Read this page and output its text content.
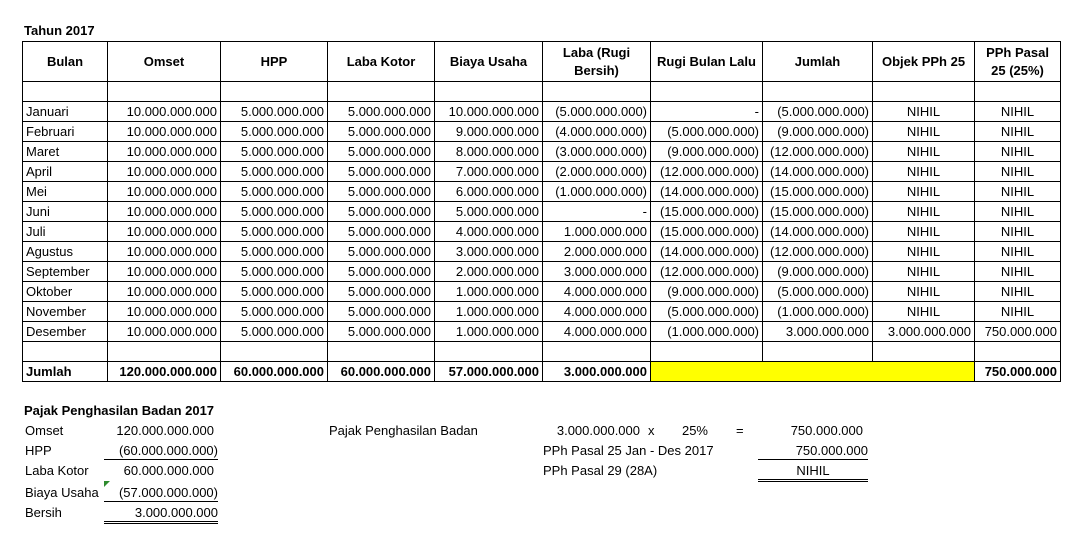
Tahun 2017
Bulan	Omset	HPP	Laba Kotor	Biaya Usaha	Laba (Rugi Bersih)	Rugi Bulan Lalu	Jumlah	Objek PPh 25	PPh Pasal 25 (25%)

Januari	10.000.000.000	5.000.000.000	5.000.000.000	10.000.000.000	(5.000.000.000)	-	(5.000.000.000)	NIHIL	NIHIL
Februari	10.000.000.000	5.000.000.000	5.000.000.000	9.000.000.000	(4.000.000.000)	(5.000.000.000)	(9.000.000.000)	NIHIL	NIHIL
Maret	10.000.000.000	5.000.000.000	5.000.000.000	8.000.000.000	(3.000.000.000)	(9.000.000.000)	(12.000.000.000)	NIHIL	NIHIL
April	10.000.000.000	5.000.000.000	5.000.000.000	7.000.000.000	(2.000.000.000)	(12.000.000.000)	(14.000.000.000)	NIHIL	NIHIL
Mei	10.000.000.000	5.000.000.000	5.000.000.000	6.000.000.000	(1.000.000.000)	(14.000.000.000)	(15.000.000.000)	NIHIL	NIHIL
Juni	10.000.000.000	5.000.000.000	5.000.000.000	5.000.000.000	-	(15.000.000.000)	(15.000.000.000)	NIHIL	NIHIL
Juli	10.000.000.000	5.000.000.000	5.000.000.000	4.000.000.000	1.000.000.000	(15.000.000.000)	(14.000.000.000)	NIHIL	NIHIL
Agustus	10.000.000.000	5.000.000.000	5.000.000.000	3.000.000.000	2.000.000.000	(14.000.000.000)	(12.000.000.000)	NIHIL	NIHIL
September	10.000.000.000	5.000.000.000	5.000.000.000	2.000.000.000	3.000.000.000	(12.000.000.000)	(9.000.000.000)	NIHIL	NIHIL
Oktober	10.000.000.000	5.000.000.000	5.000.000.000	1.000.000.000	4.000.000.000	(9.000.000.000)	(5.000.000.000)	NIHIL	NIHIL
November	10.000.000.000	5.000.000.000	5.000.000.000	1.000.000.000	4.000.000.000	(5.000.000.000)	(1.000.000.000)	NIHIL	NIHIL
Desember	10.000.000.000	5.000.000.000	5.000.000.000	1.000.000.000	4.000.000.000	(1.000.000.000)	3.000.000.000	3.000.000.000	750.000.000

Jumlah	120.000.000.000	60.000.000.000	60.000.000.000	57.000.000.000	3.000.000.000				750.000.000
Pajak Penghasilan Badan 2017
Omset	120.000.000.000
HPP	(60.000.000.000)
Laba Kotor	60.000.000.000
Biaya Usaha	(57.000.000.000)
Bersih	3.000.000.000
Pajak Penghasilan Badan	3.000.000.000 x	25% =	750.000.000
PPh Pasal 25 Jan - Des 2017	750.000.000
PPh Pasal 29 (28A)	NIHIL
